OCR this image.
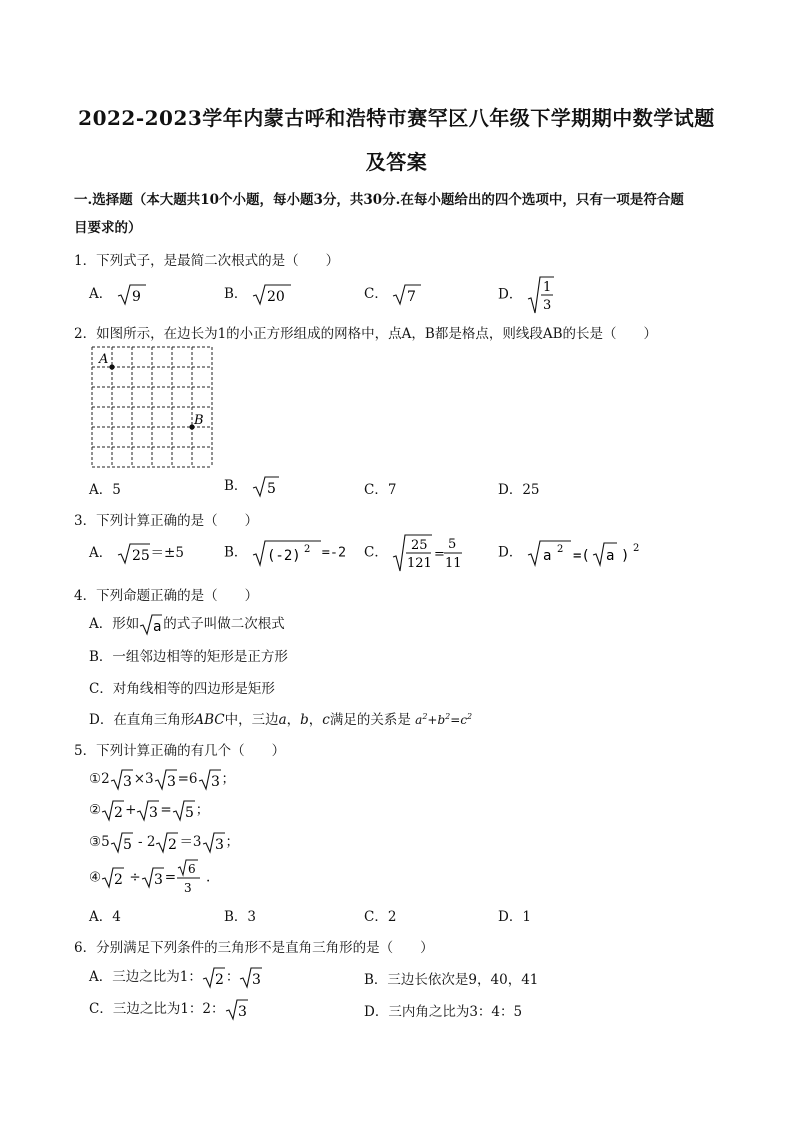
2022-2023学年内蒙古呼和浩特市赛罕区八年级下学期期中数学试题
及答案
一.选择题（本大题共10个小题，每小题3分，共30分.在每小题给出的四个选项中，只有一项是符合题
目要求的）
1．下列式子，是最简二次根式的是（　　）
A． 9	B． 20	C． 7	D． 1
3
2．如图所示，在边长为1的小正方形组成的网格中，点A，B都是格点，则线段AB的长是（　　）
A
B
A．5	B． 5	C．7	D．25
3．下列计算正确的是（　　）
A． 25 ＝±5	B． (-2) 2 =-2 C． 25
121
=
5
11
D． a 2 =( a ) 2
4．下列命题正确的是（　　）
A．形如 a 的式子叫做二次根式
B．一组邻边相等的矩形是正方形
C．对角线相等的四边形是矩形
D．在直角三角形ABC中，三边a，b，c满足的关系是 $a^2+b^2=c^2$
5．下列计算正确的有几个（　　）
①2 3 ×3 3 =6 3 ；
② 2 + 3 = 5 ；
③5 5 - 2 2 ＝3 3 ；
④ 2 ÷ 3 =
6
3
.
A．4	B．3	C．2	D．1
6．分别满足下列条件的三角形不是直角三角形的是（　　）
A．三边之比为1： 2 ： 3	B．三边长依次是9，40，41
C．三边之比为1：2： 3	D．三内角之比为3：4：5
